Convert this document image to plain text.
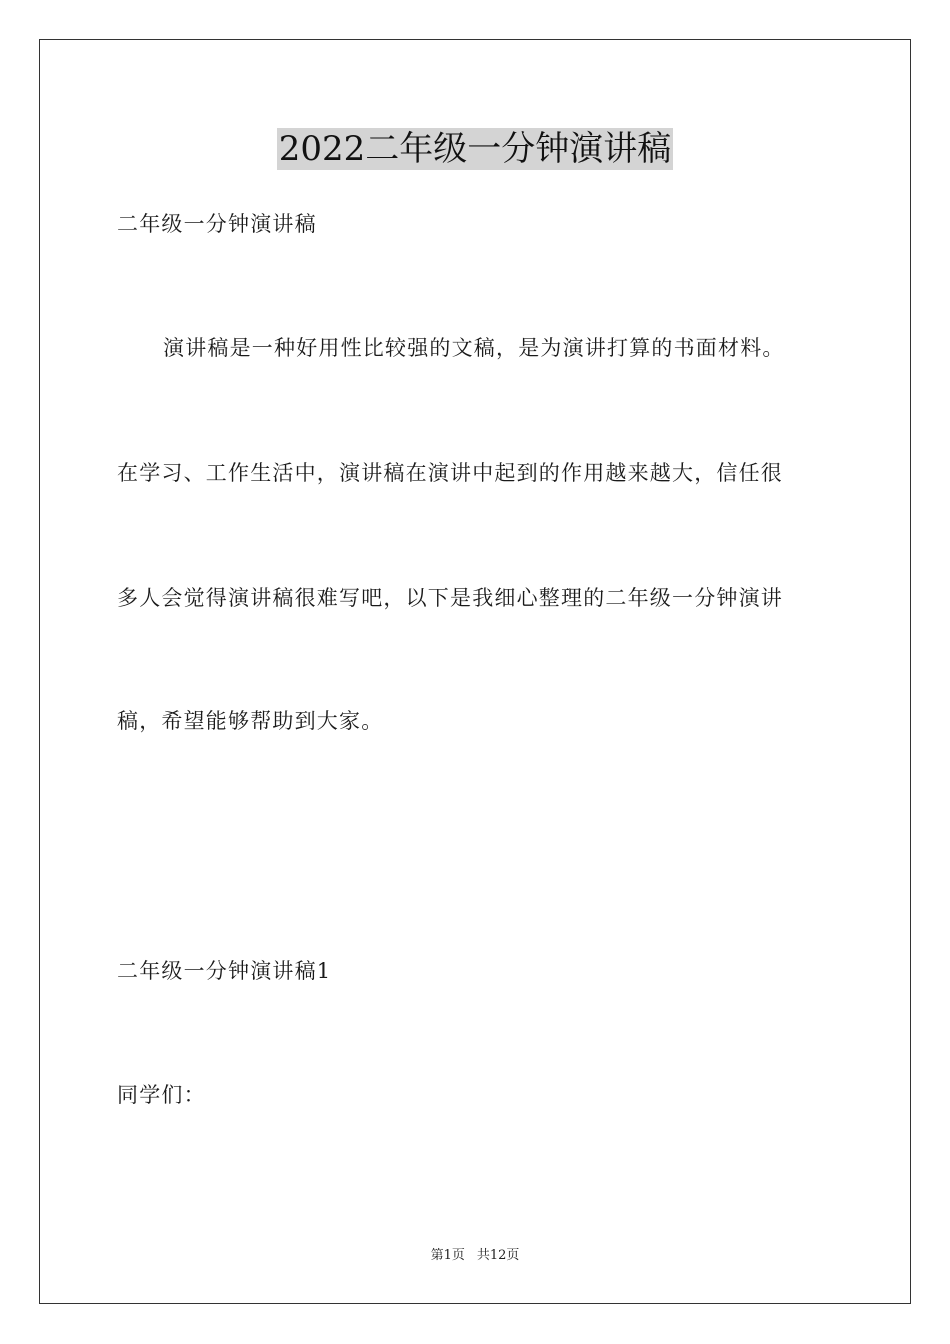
2022二年级一分钟演讲稿
二年级一分钟演讲稿
演讲稿是一种好用性比较强的文稿，是为演讲打算的书面材料。
在学习、工作生活中，演讲稿在演讲中起到的作用越来越大，信任很
多人会觉得演讲稿很难写吧，以下是我细心整理的二年级一分钟演讲
稿，希望能够帮助到大家。
二年级一分钟演讲稿1
同学们：
第1页 共12页
